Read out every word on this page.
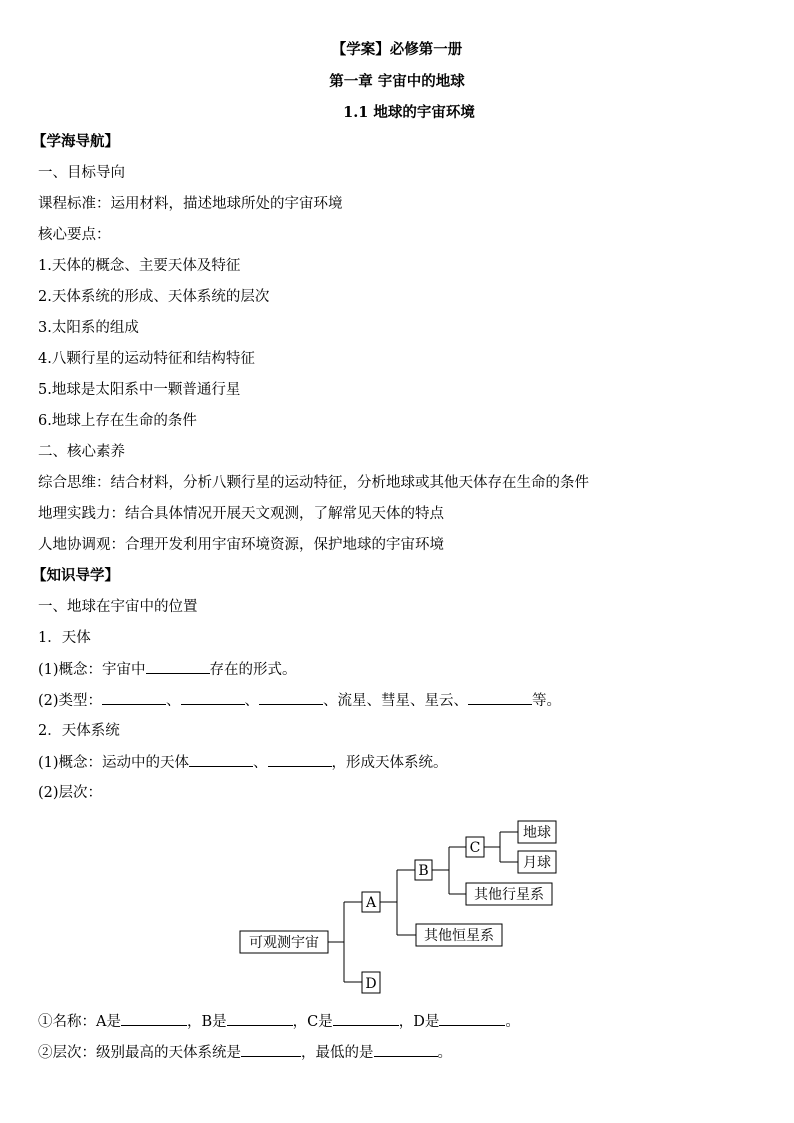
【学案】必修第一册
第一章 宇宙中的地球
1.1 地球的宇宙环境
【学海导航】
一、目标导向
课程标准：运用材料，描述地球所处的宇宙环境
核心要点：
1.天体的概念、主要天体及特征
2.天体系统的形成、天体系统的层次
3.太阳系的组成
4.八颗行星的运动特征和结构特征
5.地球是太阳系中一颗普通行星
6.地球上存在生命的条件
二、核心素养
综合思维：结合材料，分析八颗行星的运动特征，分析地球或其他天体存在生命的条件
地理实践力：结合具体情况开展天文观测，了解常见天体的特点
人地协调观：合理开发利用宇宙环境资源，保护地球的宇宙环境
【知识导学】
一、地球在宇宙中的位置
1．天体
(1)概念：宇宙中	存在的形式。
(2)类型：	、	、	、流星、彗星、星云、	等。
2．天体系统
(1)概念：运动中的天体	、	，形成天体系统。
(2)层次：
可观测宇宙
A
D
B
其他恒星系
C
其他行星系
地球
月球
①名称：A是	，B是	，C是	，D是	。
②层次：级别最高的天体系统是	，最低的是	。
